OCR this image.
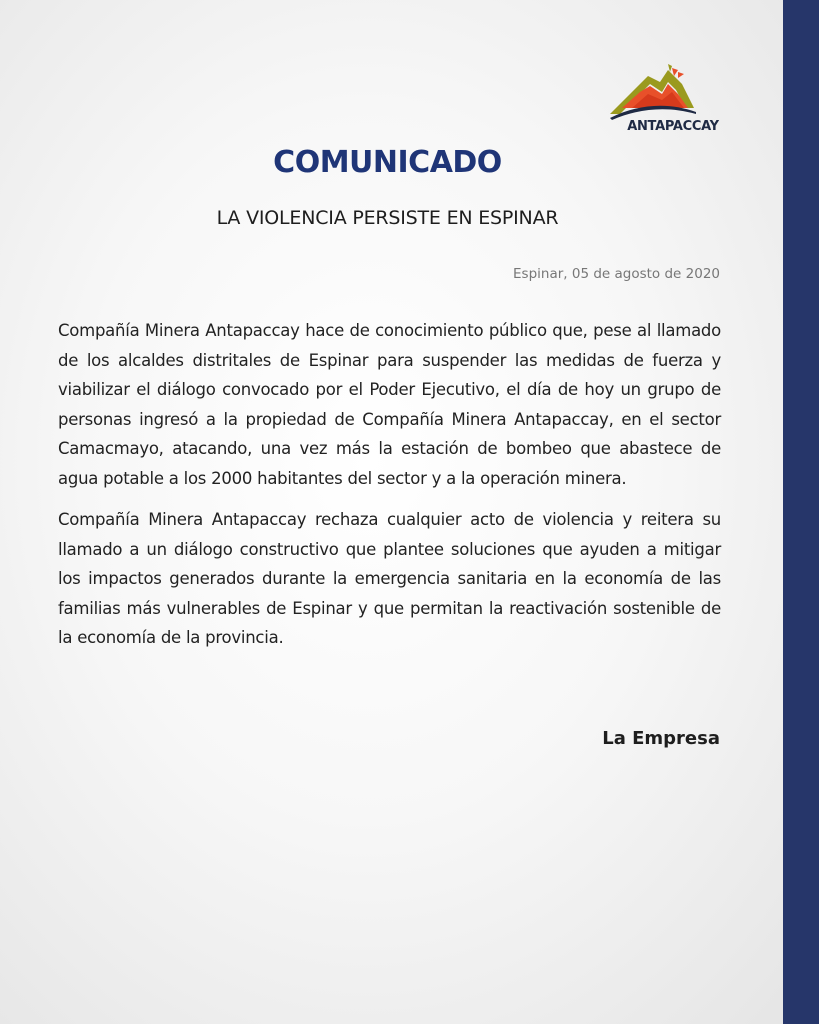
ANTAPACCAY
COMUNICADO
LA VIOLENCIA PERSISTE EN ESPINAR
Espinar, 05 de agosto de 2020

Compañía Minera Antapaccay hace de conocimiento público que, pese al llamado de los alcaldes distritales de Espinar para suspender las medidas de fuerza y viabilizar el diálogo convocado por el Poder Ejecutivo, el día de hoy un grupo de personas ingresó a la propiedad de Compañía Minera Antapaccay, en el sector Camacmayo, atacando, una vez más la estación de bombeo que abastece de agua potable a los 2000 habitantes del sector y a la operación minera.

Compañía Minera Antapaccay rechaza cualquier acto de violencia y reitera su llamado a un diálogo constructivo que plantee soluciones que ayuden a mitigar los impactos generados durante la emergencia sanitaria en la economía de las familias más vulnerables de Espinar y que permitan la reactivación sostenible de la economía de la provincia.

La Empresa
